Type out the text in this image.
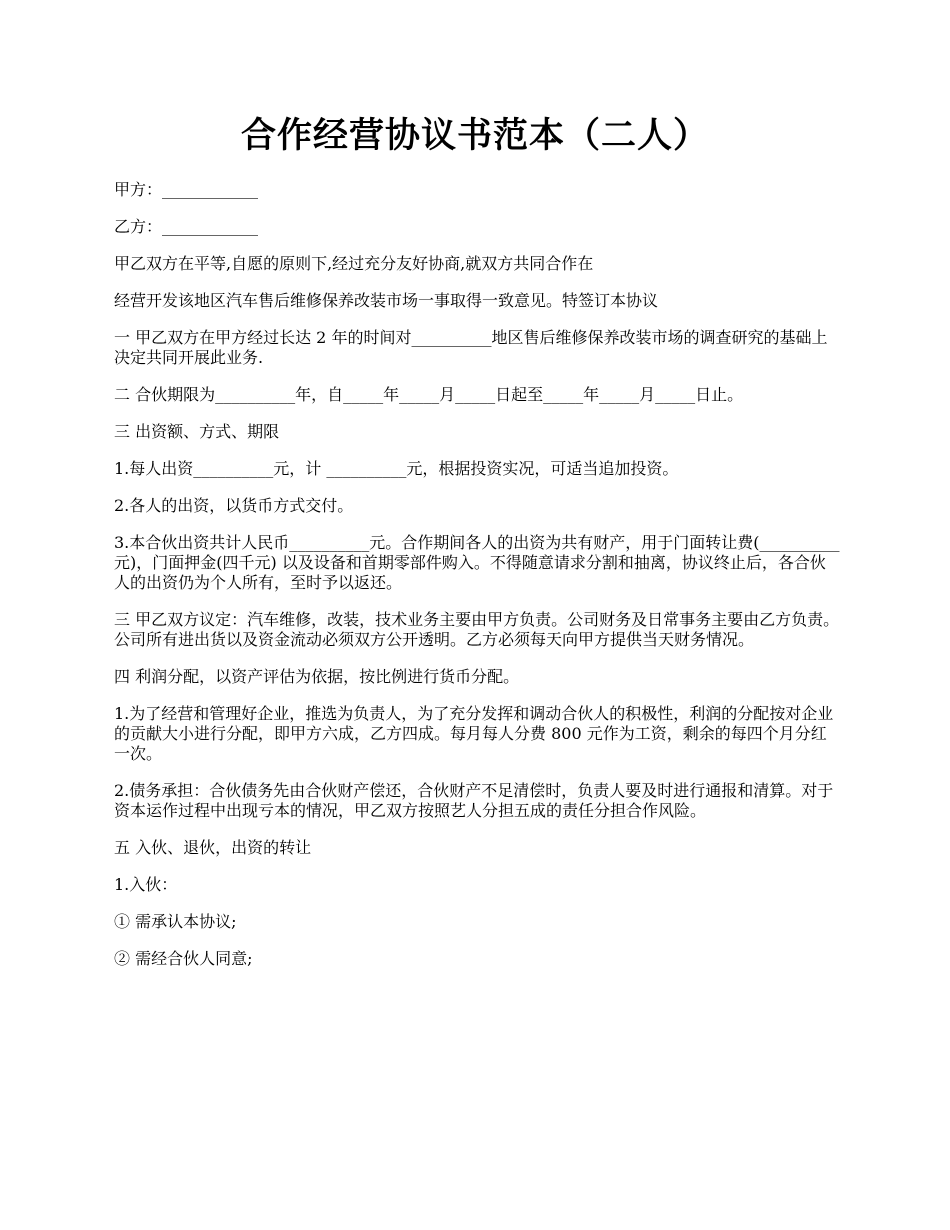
合作经营协议书范本（二人）

甲方：____________

乙方：____________

甲乙双方在平等,自愿的原则下,经过充分友好协商,就双方共同合作在

经营开发该地区汽车售后维修保养改装市场一事取得一致意见。特签订本协议

一 甲乙双方在甲方经过长达 2 年的时间对__________地区售后维修保养改装市场的调查研究的基础上决定共同开展此业务.

二 合伙期限为__________年，自_____年_____月_____日起至_____年_____月_____日止。

三 出资额、方式、期限

1.每人出资__________元，计 __________元，根据投资实况，可适当追加投资。

2.各人的出资，以货币方式交付。

3.本合伙出资共计人民币__________元。合作期间各人的出资为共有财产，用于门面转让费(__________元)，门面押金(四千元) 以及设备和首期零部件购入。不得随意请求分割和抽离，协议终止后，各合伙人的出资仍为个人所有，至时予以返还。

三 甲乙双方议定：汽车维修，改装，技术业务主要由甲方负责。公司财务及日常事务主要由乙方负责。公司所有进出货以及资金流动必须双方公开透明。乙方必须每天向甲方提供当天财务情况。

四 利润分配，以资产评估为依据，按比例进行货币分配。

1.为了经营和管理好企业，推选为负责人，为了充分发挥和调动合伙人的积极性，利润的分配按对企业的贡献大小进行分配，即甲方六成，乙方四成。每月每人分费 800 元作为工资，剩余的每四个月分红一次。

2.债务承担：合伙债务先由合伙财产偿还，合伙财产不足清偿时，负责人要及时进行通报和清算。对于资本运作过程中出现亏本的情况，甲乙双方按照艺人分担五成的责任分担合作风险。

五 入伙、退伙，出资的转让

1.入伙：

① 需承认本协议;

② 需经合伙人同意;
